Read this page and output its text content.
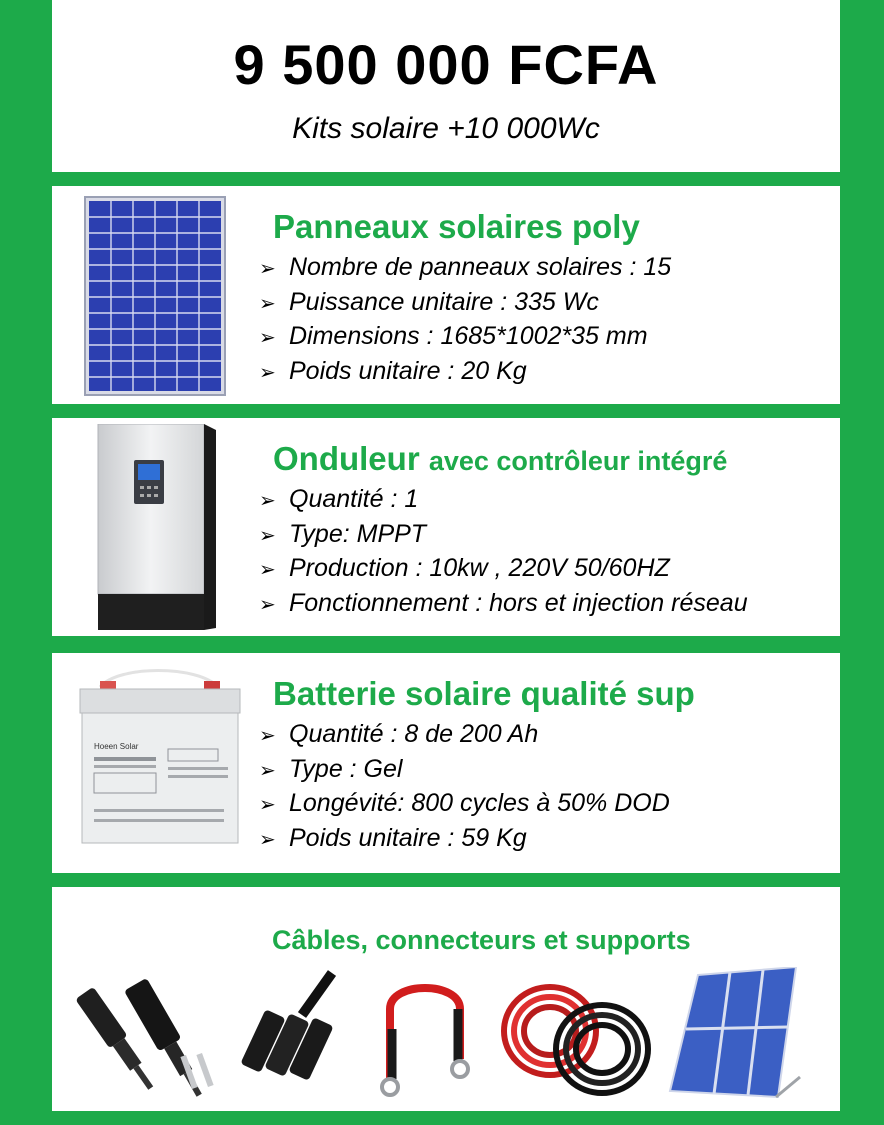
9 500 000 FCFA
Kits solaire +10 000Wc
Panneaux solaires poly
➢ Nombre de panneaux solaires : 15
➢ Puissance unitaire : 335 Wc
➢ Dimensions : 1685*1002*35 mm
➢ Poids unitaire : 20 Kg
Onduleur avec contrôleur intégré
➢ Quantité : 1
➢ Type: MPPT
➢ Production : 10kw , 220V 50/60HZ
➢ Fonctionnement : hors et injection réseau
Hoeen Solar
Batterie solaire qualité sup
➢ Quantité : 8 de 200 Ah
➢ Type : Gel
➢ Longévité: 800 cycles à 50% DOD
➢ Poids unitaire : 59 Kg
Câbles, connecteurs et supports
